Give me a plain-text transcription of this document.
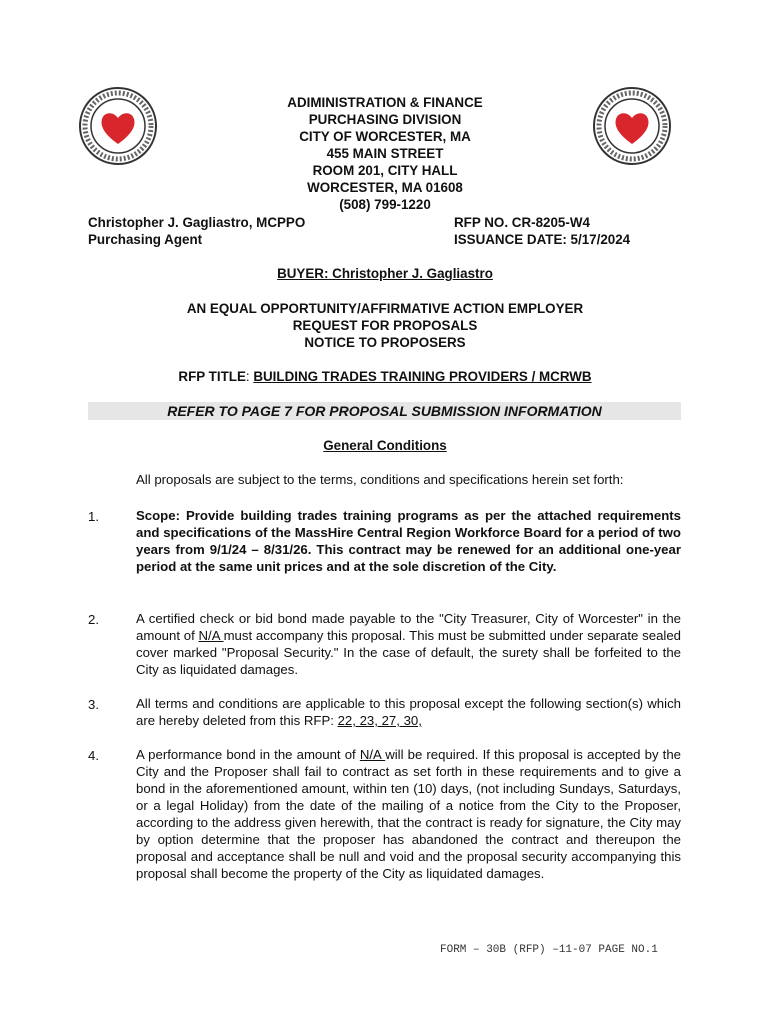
ADIMINISTRATION & FINANCE
PURCHASING DIVISION
CITY OF WORCESTER, MA
455 MAIN STREET
ROOM 201, CITY HALL
WORCESTER, MA 01608
(508) 799-1220
Christopher J. Gagliastro, MCPPO
Purchasing Agent
RFP NO. CR-8205-W4
ISSUANCE DATE: 5/17/2024
BUYER: Christopher J. Gagliastro
AN EQUAL OPPORTUNITY/AFFIRMATIVE ACTION EMPLOYER
REQUEST FOR PROPOSALS
NOTICE TO PROPOSERS
RFP TITLE: BUILDING TRADES TRAINING PROVIDERS / MCRWB
REFER TO PAGE 7 FOR PROPOSAL SUBMISSION INFORMATION
General Conditions
All proposals are subject to the terms, conditions and specifications herein set forth:
1.	Scope: Provide building trades training programs as per the attached requirements and specifications of the MassHire Central Region Workforce Board for a period of two years from 9/1/24 – 8/31/26. This contract may be renewed for an additional one-year period at the same unit prices and at the sole discretion of the City.
2.	A certified check or bid bond made payable to the "City Treasurer, City of Worcester" in the amount of N/A must accompany this proposal. This must be submitted under separate sealed cover marked "Proposal Security." In the case of default, the surety shall be forfeited to the City as liquidated damages.
3.	All terms and conditions are applicable to this proposal except the following section(s) which are hereby deleted from this RFP: 22, 23, 27, 30,
4.	A performance bond in the amount of N/A will be required. If this proposal is accepted by the City and the Proposer shall fail to contract as set forth in these requirements and to give a bond in the aforementioned amount, within ten (10) days, (not including Sundays, Saturdays, or a legal Holiday) from the date of the mailing of a notice from the City to the Proposer, according to the address given herewith, that the contract is ready for signature, the City may by option determine that the proposer has abandoned the contract and thereupon the proposal and acceptance shall be null and void and the proposal security accompanying this proposal shall become the property of the City as liquidated damages.
FORM – 30B (RFP) –11-07 PAGE NO.1
